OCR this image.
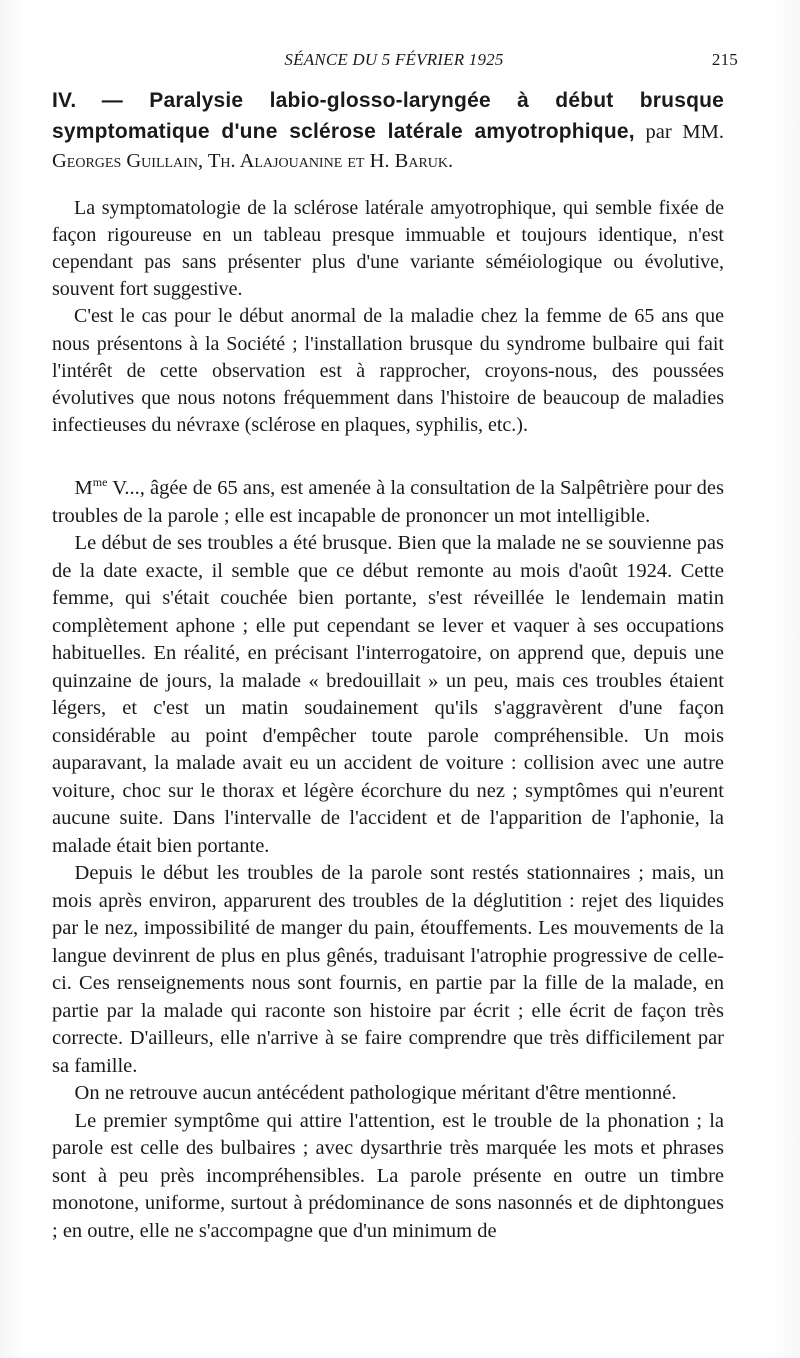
SÉANCE DU 5 FÉVRIER 1925	215

IV. — Paralysie labio-glosso-laryngée à début brusque symptomatique d'une sclérose latérale amyotrophique, par MM. Georges Guillain, Th. Alajouanine et H. Baruk.

La symptomatologie de la sclérose latérale amyotrophique, qui semble fixée de façon rigoureuse en un tableau presque immuable et toujours identique, n'est cependant pas sans présenter plus d'une variante séméiologique ou évolutive, souvent fort suggestive.

C'est le cas pour le début anormal de la maladie chez la femme de 65 ans que nous présentons à la Société ; l'installation brusque du syndrome bulbaire qui fait l'intérêt de cette observation est à rapprocher, croyons-nous, des poussées évolutives que nous notons fréquemment dans l'histoire de beaucoup de maladies infectieuses du névraxe (sclérose en plaques, syphilis, etc.).

$M^{me}$ V..., âgée de 65 ans, est amenée à la consultation de la Salpêtrière pour des troubles de la parole ; elle est incapable de prononcer un mot intelligible.

Le début de ses troubles a été brusque. Bien que la malade ne se souvienne pas de la date exacte, il semble que ce début remonte au mois d'août 1924. Cette femme, qui s'était couchée bien portante, s'est réveillée le lendemain matin complètement aphone ; elle put cependant se lever et vaquer à ses occupations habituelles. En réalité, en précisant l'interrogatoire, on apprend que, depuis une quinzaine de jours, la malade « bredouillait » un peu, mais ces troubles étaient légers, et c'est un matin soudainement qu'ils s'aggravèrent d'une façon considérable au point d'empêcher toute parole compréhensible. Un mois auparavant, la malade avait eu un accident de voiture : collision avec une autre voiture, choc sur le thorax et légère écorchure du nez ; symptômes qui n'eurent aucune suite. Dans l'intervalle de l'accident et de l'apparition de l'aphonie, la malade était bien portante.

Depuis le début les troubles de la parole sont restés stationnaires ; mais, un mois après environ, apparurent des troubles de la déglutition : rejet des liquides par le nez, impossibilité de manger du pain, étouffements. Les mouvements de la langue devinrent de plus en plus gênés, traduisant l'atrophie progressive de celle-ci. Ces renseignements nous sont fournis, en partie par la fille de la malade, en partie par la malade qui raconte son histoire par écrit ; elle écrit de façon très correcte. D'ailleurs, elle n'arrive à se faire comprendre que très difficilement par sa famille.

On ne retrouve aucun antécédent pathologique méritant d'être mentionné.

Le premier symptôme qui attire l'attention, est le trouble de la phonation ; la parole est celle des bulbaires ; avec dysarthrie très marquée les mots et phrases sont à peu près incompréhensibles. La parole présente en outre un timbre monotone, uniforme, surtout à prédominance de sons nasonnés et de diphtongues ; en outre, elle ne s'accompagne que d'un minimum de
